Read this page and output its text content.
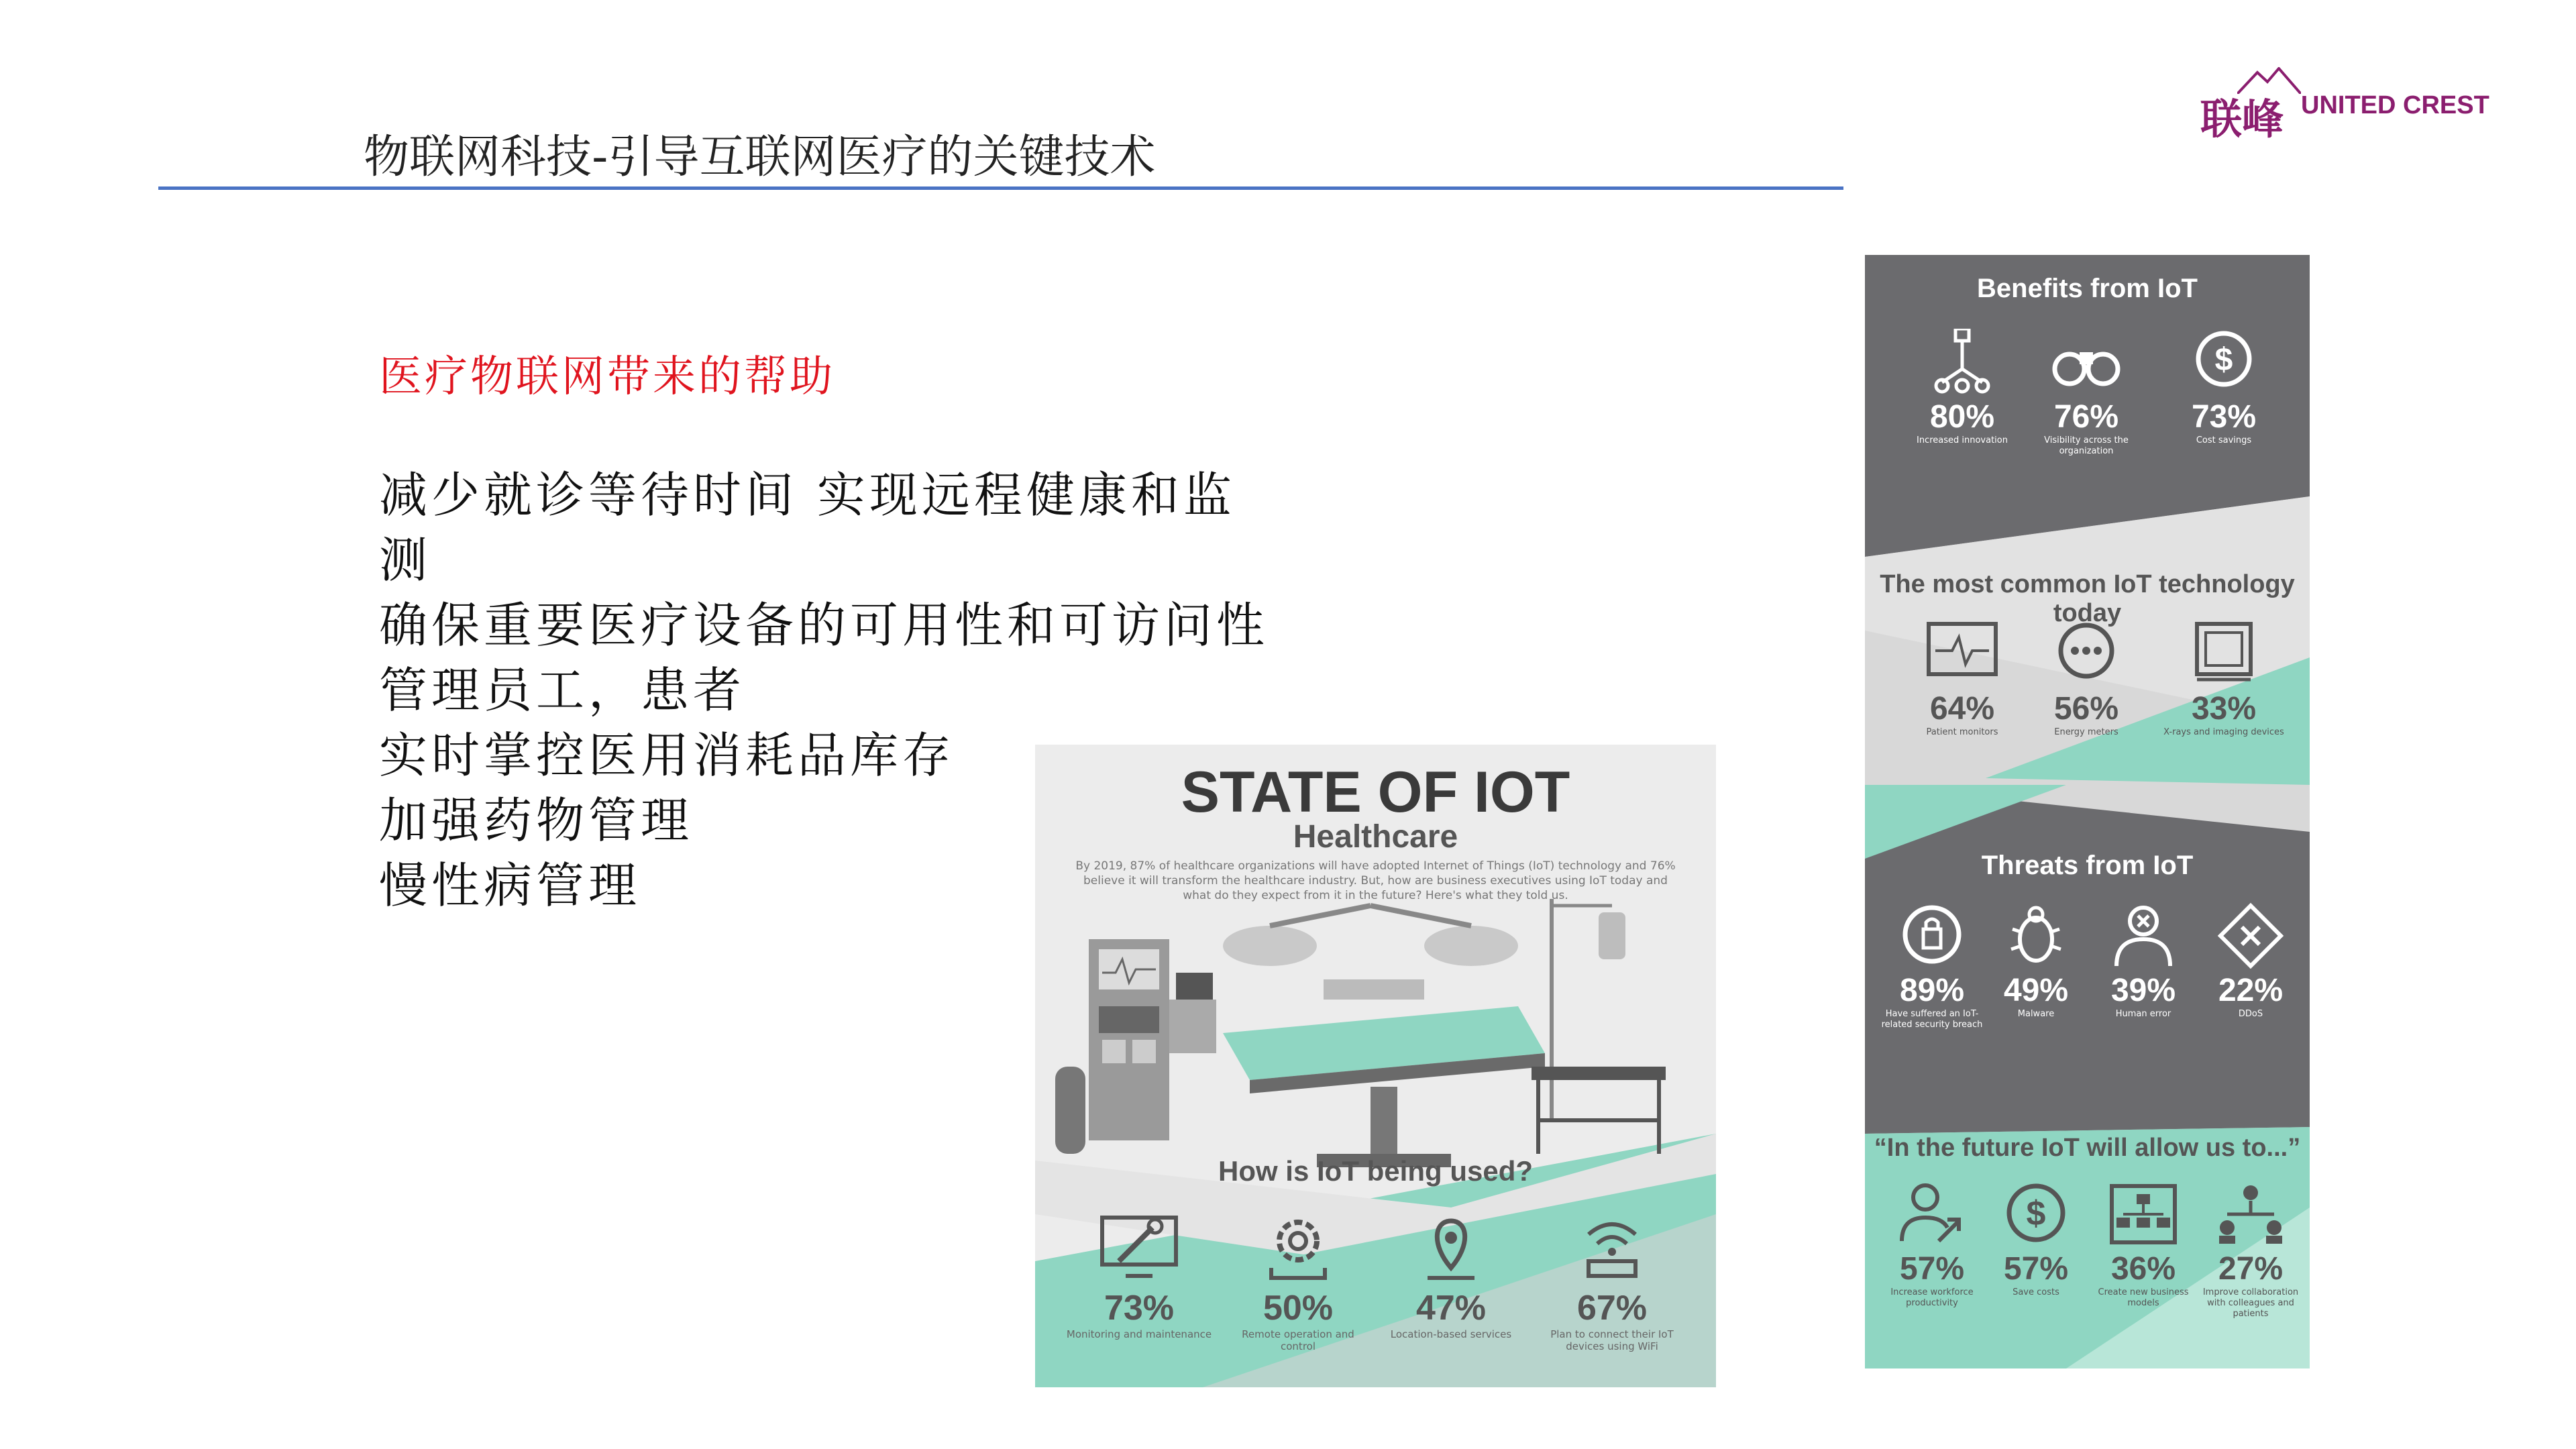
物联网科技-引导互联网医疗的关键技术
联峰 UNITED CREST
医疗物联网带来的帮助
减少就诊等待时间 实现远程健康和监
测
确保重要医疗设备的可用性和可访问性
管理员工，患者
实时掌控医用消耗品库存
加强药物管理
慢性病管理
STATE OF IOT
Healthcare
By 2019, 87% of healthcare organizations will have adopted Internet of Things (IoT) technology and 76% believe it will transform the healthcare industry. But, how are business executives using IoT today and what do they expect from it in the future? Here's what they told us.
How is IoT being used?
73%
Monitoring and maintenance
50%
Remote operation and control
47%
Location-based services
67%
Plan to connect their IoT devices using WiFi
Benefits from IoT
80%
Increased innovation
76%
Visibility across the organization
$
73%
Cost savings
The most common IoT technology today
64%
Patient monitors
56%
Energy meters
33%
X-rays and imaging devices
Threats from IoT
89%
Have suffered an IoT-related security breach
49%
Malware
39%
Human error
22%
DDoS
“In the future IoT will allow us to...”
57%
Increase workforce productivity
$
57%
Save costs
36%
Create new business models
27%
Improve collaboration with colleagues and patients
